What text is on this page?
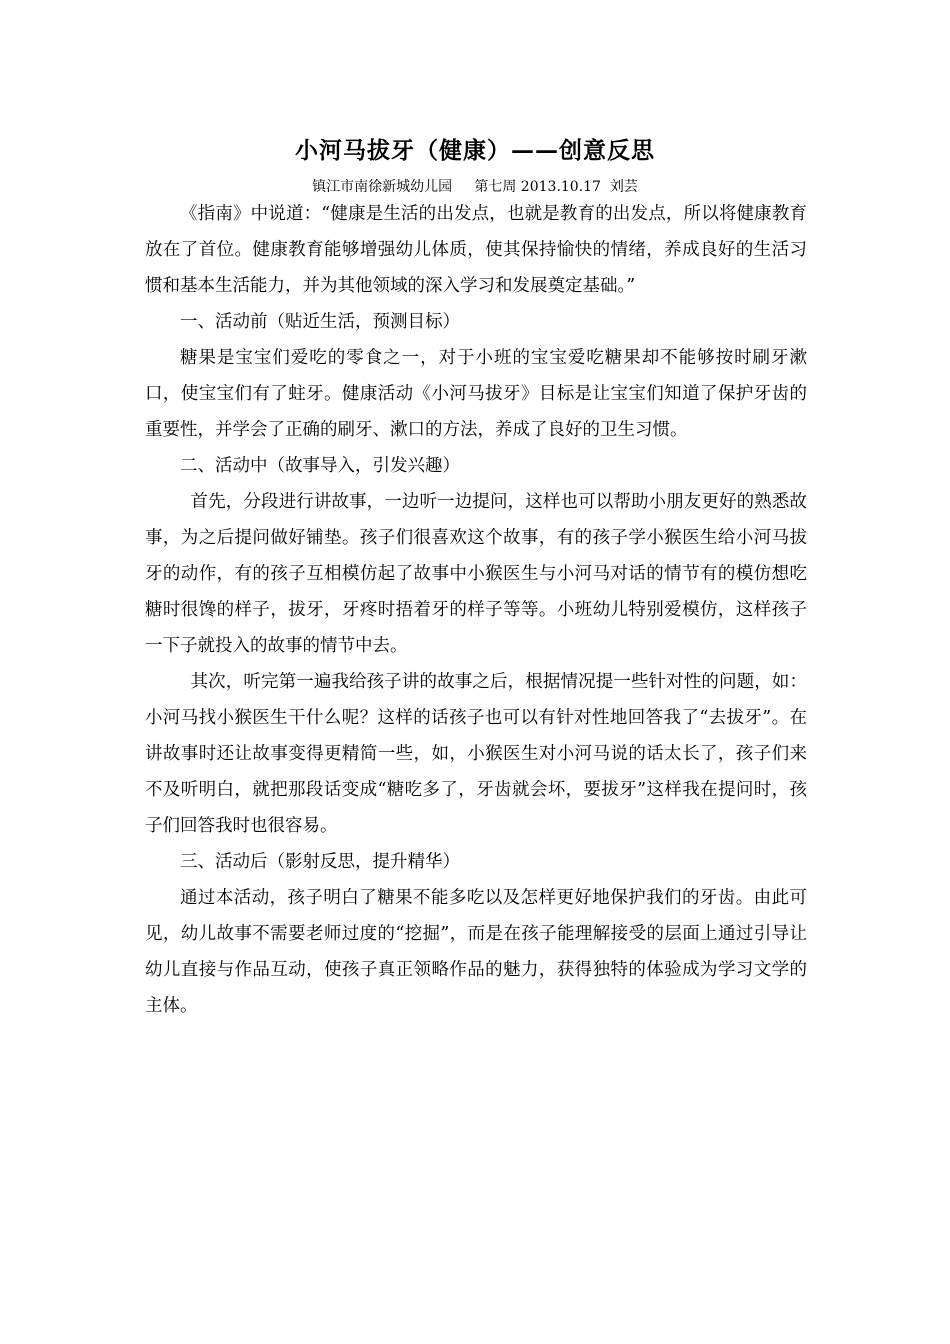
小河马拔牙（健康）——创意反思
镇江市南徐新城幼儿园     第七周 2013.10.17  刘芸

《指南》中说道：“健康是生活的出发点，也就是教育的出发点，所以将健康教育放在了首位。健康教育能够增强幼儿体质，使其保持愉快的情绪，养成良好的生活习惯和基本生活能力，并为其他领域的深入学习和发展奠定基础。”

一、活动前（贴近生活，预测目标）

糖果是宝宝们爱吃的零食之一，对于小班的宝宝爱吃糖果却不能够按时刷牙漱口，使宝宝们有了蛀牙。健康活动《小河马拔牙》目标是让宝宝们知道了保护牙齿的重要性，并学会了正确的刷牙、漱口的方法，养成了良好的卫生习惯。

二、活动中（故事导入，引发兴趣）

首先，分段进行讲故事，一边听一边提问，这样也可以帮助小朋友更好的熟悉故事，为之后提问做好铺垫。孩子们很喜欢这个故事，有的孩子学小猴医生给小河马拔牙的动作，有的孩子互相模仿起了故事中小猴医生与小河马对话的情节有的模仿想吃糖时很馋的样子，拔牙，牙疼时捂着牙的样子等等。小班幼儿特别爱模仿，这样孩子一下子就投入的故事的情节中去。

其次，听完第一遍我给孩子讲的故事之后，根据情况提一些针对性的问题，如：小河马找小猴医生干什么呢？这样的话孩子也可以有针对性地回答我了“去拔牙”。在讲故事时还让故事变得更精简一些，如，小猴医生对小河马说的话太长了，孩子们来不及听明白，就把那段话变成“糖吃多了，牙齿就会坏，要拔牙”这样我在提问时，孩子们回答我时也很容易。

三、活动后（影射反思，提升精华）

通过本活动，孩子明白了糖果不能多吃以及怎样更好地保护我们的牙齿。由此可见，幼儿故事不需要老师过度的“挖掘”，而是在孩子能理解接受的层面上通过引导让幼儿直接与作品互动，使孩子真正领略作品的魅力，获得独特的体验成为学习文学的主体。
